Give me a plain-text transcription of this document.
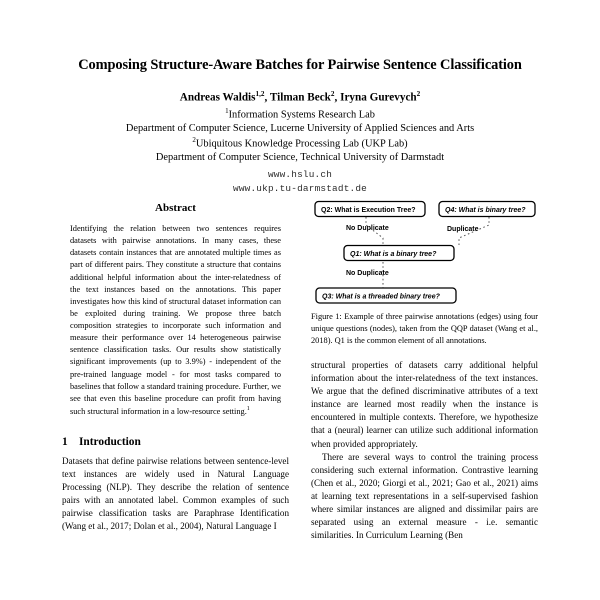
Composing Structure-Aware Batches for Pairwise Sentence Classification

Andreas Waldis$^{1,2}$, Tilman Beck$^2$, Iryna Gurevych$^2$

$^1$Information Systems Research Lab

Department of Computer Science, Lucerne University of Applied Sciences and Arts

$^2$Ubiquitous Knowledge Processing Lab (UKP Lab)

Department of Computer Science, Technical University of Darmstadt

www.hslu.ch

www.ukp.tu-darmstadt.de

Abstract
Identifying the relation between two sentences requires datasets with pairwise annotations. In many cases, these datasets contain instances that are annotated multiple times as part of different pairs. They constitute a structure that contains additional helpful information about the inter-relatedness of the text instances based on the annotations. This paper investigates how this kind of structural dataset information can be exploited during training. We propose three batch composition strategies to incorporate such information and measure their performance over 14 heterogeneous pairwise sentence classification tasks. Our results show statistically significant improvements (up to 3.9%) - independent of the pre-trained language model - for most tasks compared to baselines that follow a standard training procedure. Further, we see that even this baseline procedure can profit from having such structural information in a low-resource setting.$^1$
1 Introduction

Datasets that define pairwise relations between sentence-level text instances are widely used in Natural Language Processing (NLP). They describe the relation of sentence pairs with an annotated label. Common examples of such pairwise classification tasks are Paraphrase Identification (Wang et al., 2017; Dolan et al., 2004), Natural Language I

Q2: What is Execution Tree?	Q4: What is binary tree?
No Duplicate	Duplicate
Q1: What is a binary tree?
No Duplicate
Q3: What is a threaded binary tree?

Figure 1: Example of three pairwise annotations (edges) using four unique questions (nodes), taken from the QQP dataset (Wang et al., 2018). Q1 is the common element of all annotations.

structural properties of datasets carry additional helpful information about the inter-relatedness of the text instances. We argue that the defined discriminative attributes of a text instance are learned most readily when the instance is encountered in multiple contexts. Therefore, we hypothesize that a (neural) learner can utilize such additional information when provided appropriately.

There are several ways to control the training process considering such external information. Contrastive learning (Chen et al., 2020; Giorgi et al., 2021; Gao et al., 2021) aims at learning text representations in a self-supervised fashion where similar instances are aligned and dissimilar pairs are separated using an external measure - i.e. semantic similarities. In Curriculum Learning (Ben
